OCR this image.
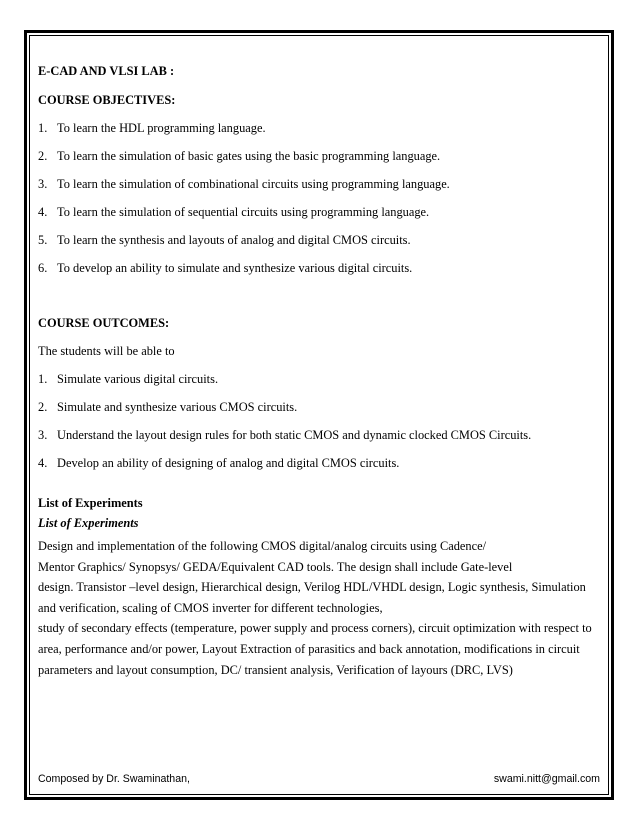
E-CAD AND VLSI LAB :

COURSE OBJECTIVES:

1. To learn the HDL programming language.
2. To learn the simulation of basic gates using the basic programming language.
3. To learn the simulation of combinational circuits using programming language.
4. To learn the simulation of sequential circuits using programming language.
5. To learn the synthesis and layouts of analog and digital CMOS circuits.
6. To develop an ability to simulate and synthesize various digital circuits.

COURSE OUTCOMES:

The students will be able to

1. Simulate various digital circuits.
2. Simulate and synthesize various CMOS circuits.
3. Understand the layout design rules for both static CMOS and dynamic clocked CMOS Circuits.
4. Develop an ability of designing of analog and digital CMOS circuits.

List of Experiments

List of Experiments

Design and implementation of the following CMOS digital/analog circuits using Cadence/

Mentor Graphics/ Synopsys/ GEDA/Equivalent CAD tools. The design shall include Gate-level

design. Transistor –level design, Hierarchical design, Verilog HDL/VHDL design, Logic synthesis, Simulation

and verification, scaling of CMOS inverter for different technologies,

study of secondary effects (temperature, power supply and process corners), circuit optimization with respect to

area, performance and/or power, Layout Extraction of parasitics and back annotation, modifications in circuit

parameters and layout consumption, DC/ transient analysis, Verification of layours (DRC, LVS)

Composed by Dr. Swaminathan,	swami.nitt@gmail.com
